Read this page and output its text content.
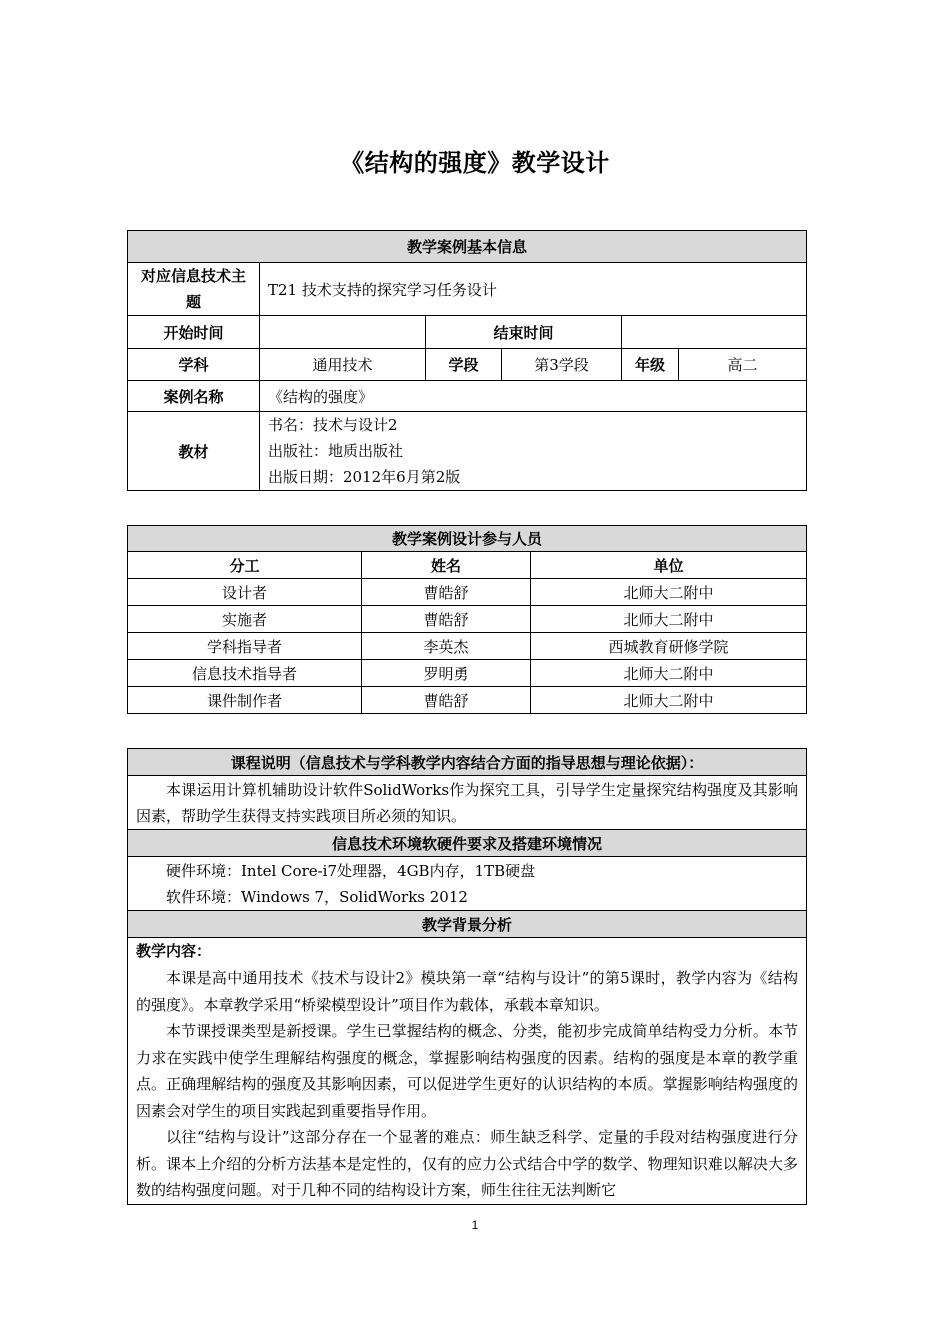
《结构的强度》教学设计
教学案例基本信息					
对应信息技术主题	T21 技术支持的探究学习任务设计				
开始时间		结束时间			
学科	通用技术	学段	第3学段	年级	高二
案例名称	《结构的强度》				
教材	书名：技术与设计2
出版社：地质出版社
出版日期：2012年6月第2版				
教学案例设计参与人员		
分工	姓名	单位
设计者	曹皓舒	北师大二附中
实施者	曹皓舒	北师大二附中
学科指导者	李英杰	西城教育研修学院
信息技术指导者	罗明勇	北师大二附中
课件制作者	曹皓舒	北师大二附中
课程说明（信息技术与学科教学内容结合方面的指导思想与理论依据）：

本课运用计算机辅助设计软件SolidWorks作为探究工具，引导学生定量探究结构强度及其影响因素，帮助学生获得支持实践项目所必须的知识。

信息技术环境软硬件要求及搭建环境情况

硬件环境：Intel Core-i7处理器，4GB内存，1TB硬盘
软件环境：Windows 7，SolidWorks 2012

教学背景分析

教学内容：
本课是高中通用技术《技术与设计2》模块第一章“结构与设计”的第5课时，教学内容为《结构的强度》。本章教学采用“桥梁模型设计”项目作为载体，承载本章知识。
本节课授课类型是新授课。学生已掌握结构的概念、分类，能初步完成简单结构受力分析。本节力求在实践中使学生理解结构强度的概念，掌握影响结构强度的因素。结构的强度是本章的教学重点。正确理解结构的强度及其影响因素，可以促进学生更好的认识结构的本质。掌握影响结构强度的因素会对学生的项目实践起到重要指导作用。
以往“结构与设计”这部分存在一个显著的难点：师生缺乏科学、定量的手段对结构强度进行分析。课本上介绍的分析方法基本是定性的，仅有的应力公式结合中学的数学、物理知识难以解决大多数的结构强度问题。对于几种不同的结构设计方案，师生往往无法判断它
1
